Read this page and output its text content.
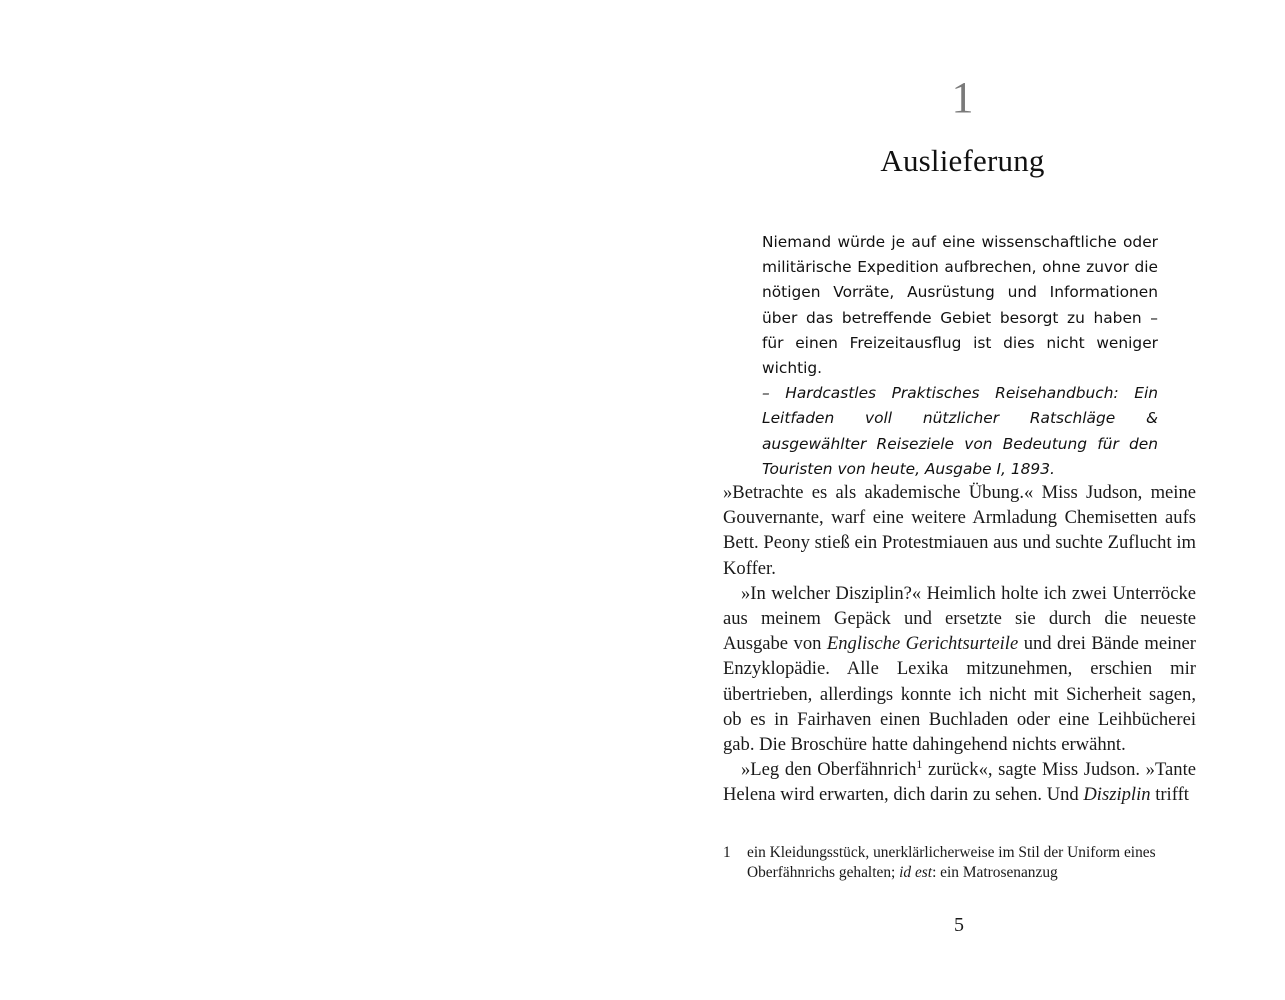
1
Auslieferung

Niemand würde je auf eine wissenschaftliche oder militärische Expedition aufbrechen, ohne zuvor die nötigen Vorräte, Ausrüstung und Informationen über das betreffende Gebiet besorgt zu haben – für einen Freizeitausflug ist dies nicht weniger wichtig.

– Hardcastles Praktisches Reisehandbuch: Ein Leitfaden voll nützlicher Ratschläge & ausgewählter Reiseziele von Bedeutung für den Touristen von heute, Ausgabe I, 1893.

»Betrachte es als akademische Übung.« Miss Judson, meine Gouvernante, warf eine weitere Armladung Chemisetten aufs Bett. Peony stieß ein Protestmiauen aus und suchte Zuflucht im Koffer.

»In welcher Disziplin?« Heimlich holte ich zwei Unterröcke aus meinem Gepäck und ersetzte sie durch die neueste Ausgabe von Englische Gerichtsurteile und drei Bände meiner Enzyklopädie. Alle Lexika mitzunehmen, erschien mir übertrieben, allerdings konnte ich nicht mit Sicherheit sagen, ob es in Fairhaven einen Buchladen oder eine Leihbücherei gab. Die Broschüre hatte dahingehend nichts erwähnt.

»Leg den Oberfähnrich$^1$ zurück«, sagte Miss Judson. »Tante Helena wird erwarten, dich darin zu sehen. Und Disziplin trifft

1 ein Kleidungsstück, unerklärlicherweise im Stil der Uniform eines Oberfähnrichs gehalten; id est: ein Matrosenanzug
5
